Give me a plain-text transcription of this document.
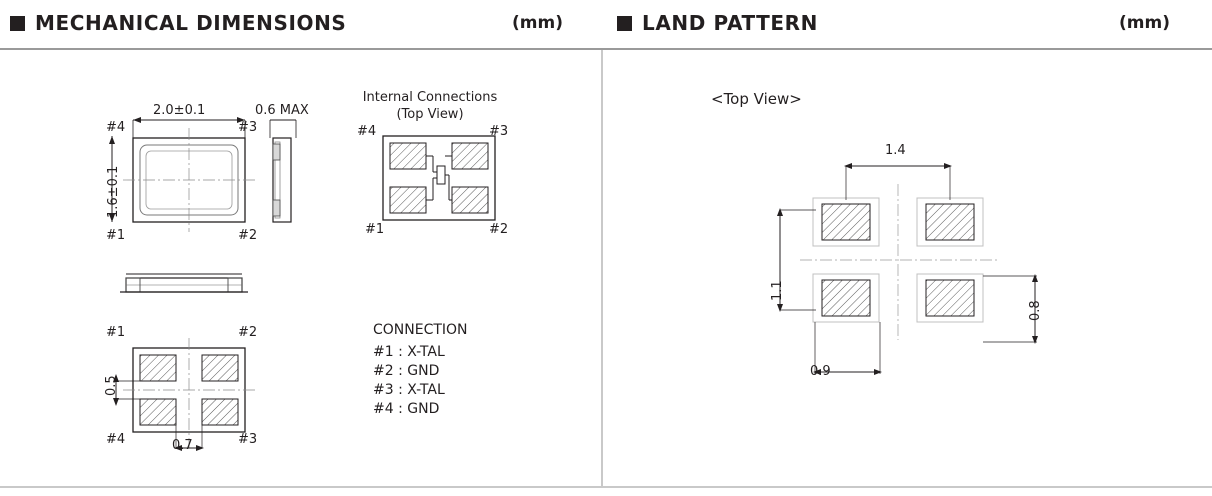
MECHANICAL DIMENSIONS	(mm)	LAND PATTERN	(mm)
2.0±0.1	0.6 MAX
1.6±0.1
#4	#3
#1	#2
#1	#2
#4	#3
0.5
0.7
Internal Connections
(Top View)
#4	#3
#1	#2
CONNECTION
#1 : X-TAL
#2 : GND
#3 : X-TAL
#4 : GND
<Top View>
1.4
1.1
0.8
0.9
